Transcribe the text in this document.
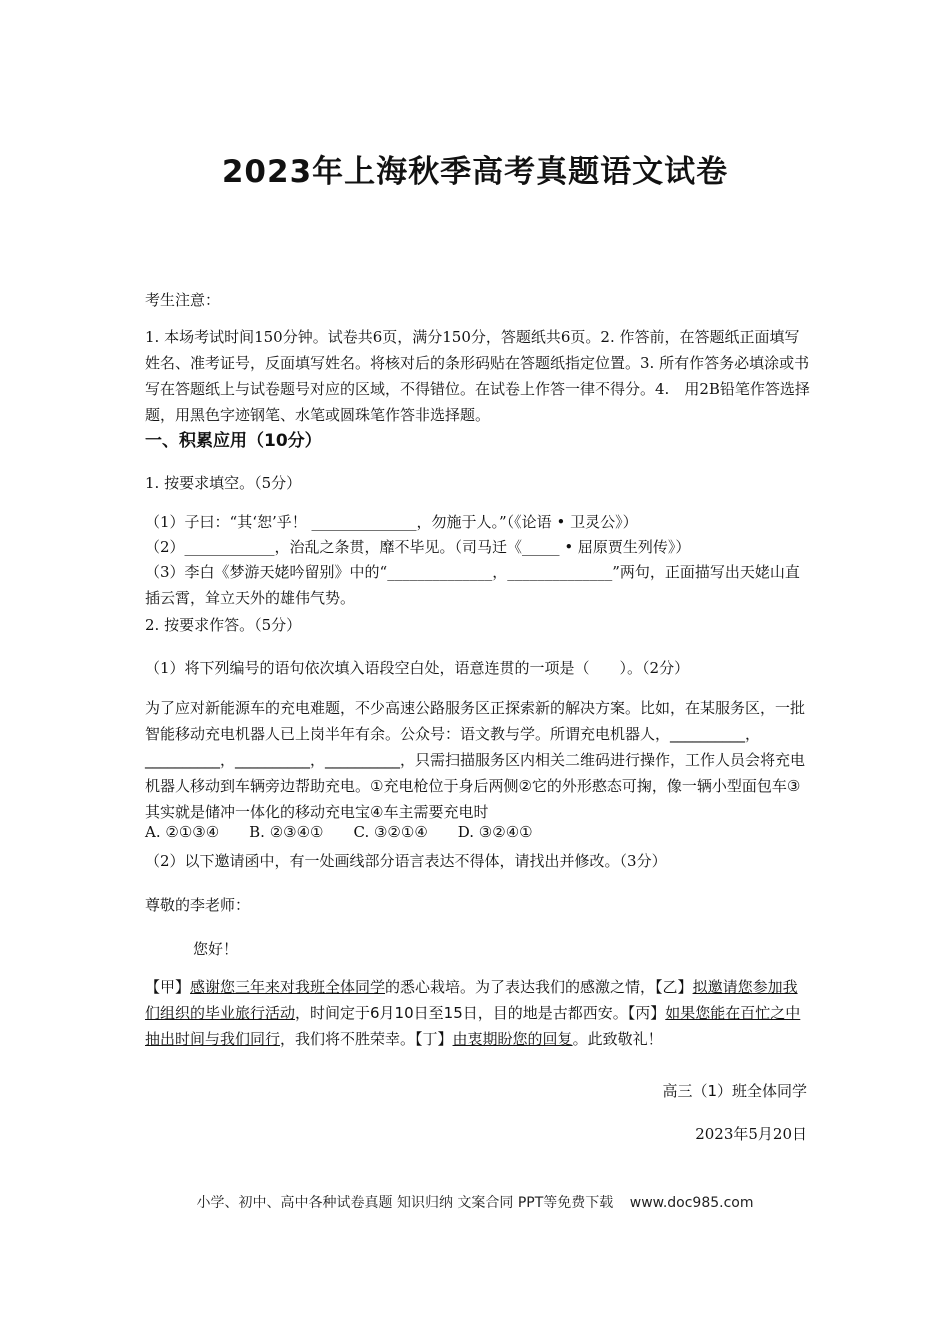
2023年上海秋季高考真题语文试卷
考生注意：
1. 本场考试时间150分钟。试卷共6页，满分150分，答题纸共6页。2. 作答前，在答题纸正面填写姓名、准考证号，反面填写姓名。将核对后的条形码贴在答题纸指定位置。3. 所有作答务必填涂或书写在答题纸上与试卷题号对应的区域，不得错位。在试卷上作答一律不得分。4.　用2B铅笔作答选择题，用黑色字迹钢笔、水笔或圆珠笔作答非选择题。
一、积累应用（10分）
1. 按要求填空。（5分）
（1）子曰：“其‘恕’乎！ ______________，勿施于人。”（《论语 • 卫灵公》）
（2）____________，治乱之条贯，靡不毕见。（司马迁《_____ • 屈原贾生列传》）
（3）李白《梦游天姥吟留别》中的“______________，______________”两句，正面描写出天姥山直插云霄，耸立天外的雄伟气势。
2. 按要求作答。（5分）
（1）将下列编号的语句依次填入语段空白处，语意连贯的一项是（　　）。（2分）
为了应对新能源车的充电难题，不少高速公路服务区正探索新的解决方案。比如，在某服务区，一批智能移动充电机器人已上岗半年有余。公众号：语文教与学。所谓充电机器人，__________，__________，__________，__________，只需扫描服务区内相关二维码进行操作，工作人员会将充电机器人移动到车辆旁边帮助充电。①充电枪位于身后两侧②它的外形憨态可掬，像一辆小型面包车③其实就是储冲一体化的移动充电宝④车主需要充电时
A. ②①③④　　B. ②③④①　　C. ③②①④　　D. ③②④①
（2）以下邀请函中，有一处画线部分语言表达不得体，请找出并修改。（3分）
尊敬的李老师：
您好！
【甲】感谢您三年来对我班全体同学的悉心栽培。为了表达我们的感激之情，【乙】拟邀请您参加我们组织的毕业旅行活动，时间定于6月10日至15日，目的地是古都西安。【丙】如果您能在百忙之中抽出时间与我们同行，我们将不胜荣幸。【丁】由衷期盼您的回复。此致敬礼！
高三（1）班全体同学
2023年5月20日
小学、初中、高中各种试卷真题 知识归纳 文案合同 PPT等免费下载 www.doc985.com
